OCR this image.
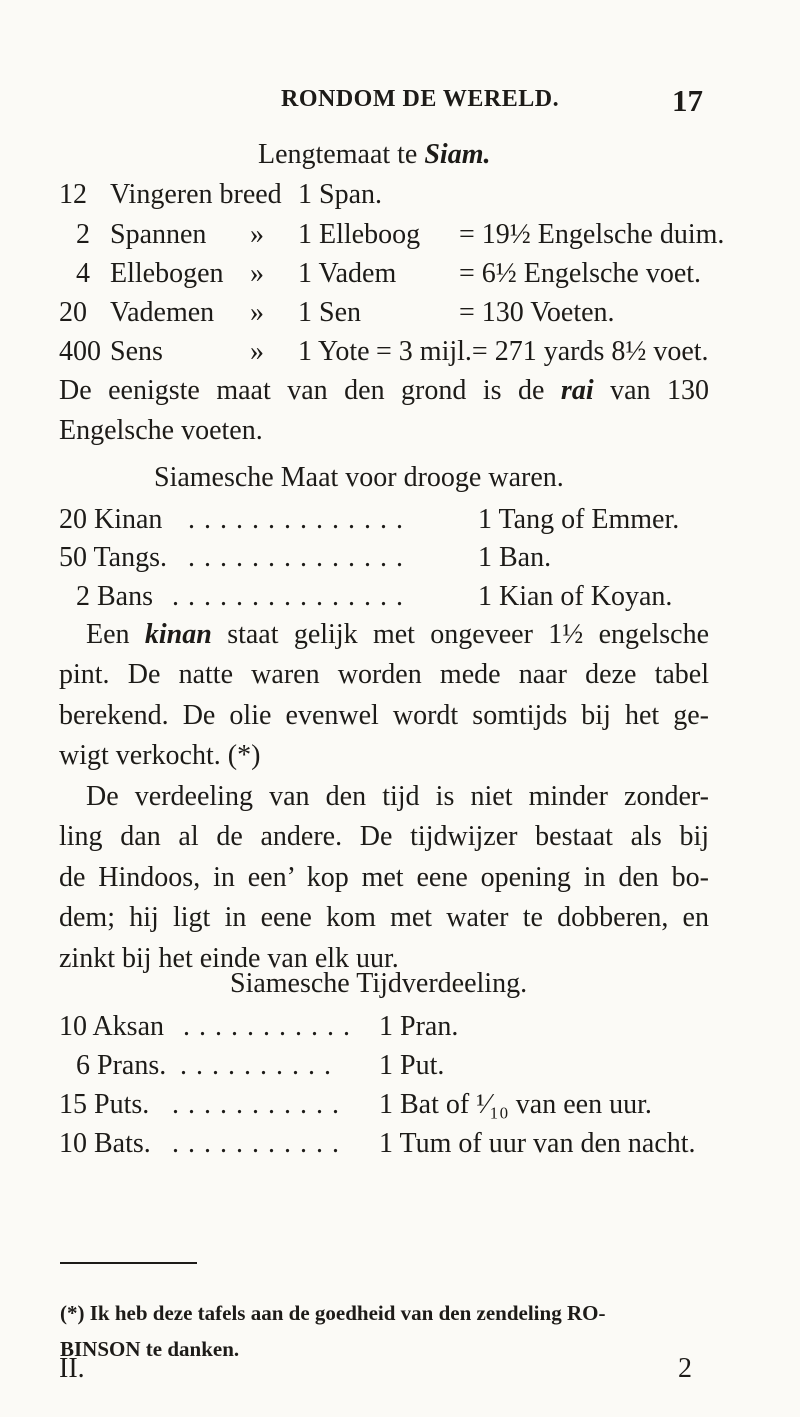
RONDOM DE WERELD.	17
Lengtemaat te Siam.
12 Vingeren breed 1 Span.
2 Spannen » 1 Elleboog = 19½ Engelsche duim.
4 Ellebogen » 1 Vadem = 6½ Engelsche voet.
20 Vademen » 1 Sen	= 130 Voeten.
400 Sens	» 1 Yote = 3 mijl.= 271 yards 8½ voet.
De eenigste maat van den grond is de rai van 130
Engelsche voeten.
Siamesche Maat voor drooge waren.
20 Kinan . . . . . . . . . . . . . .	1 Tang of Emmer.
50 Tangs. . . . . . . . . . . . . . .	1 Ban.
2 Bans . . . . . . . . . . . . . . .	1 Kian of Koyan.
Een kinan staat gelijk met ongeveer 1½ engelsche
pint. De natte waren worden mede naar deze tabel
berekend. De olie evenwel wordt somtijds bij het ge-
wigt verkocht. (*)
De verdeeling van den tijd is niet minder zonder-
ling dan al de andere. De tijdwijzer bestaat als bij
de Hindoos, in een’ kop met eene opening in den bo-
dem; hij ligt in eene kom met water te dobberen, en
zinkt bij het einde van elk uur.
Siamesche Tijdverdeeling.
10 Aksan . . . . . . . . . . . 1 Pran.
6 Prans. . . . . . . . . . . 1 Put.
15 Puts. . . . . . . . . . . . 1 Bat of ¹⁄₁₀ van een uur.
10 Bats. . . . . . . . . . . . 1 Tum of uur van den nacht.
(*) Ik heb deze tafels aan de goedheid van den zendeling RO-
BINSON te danken.
II.	2
